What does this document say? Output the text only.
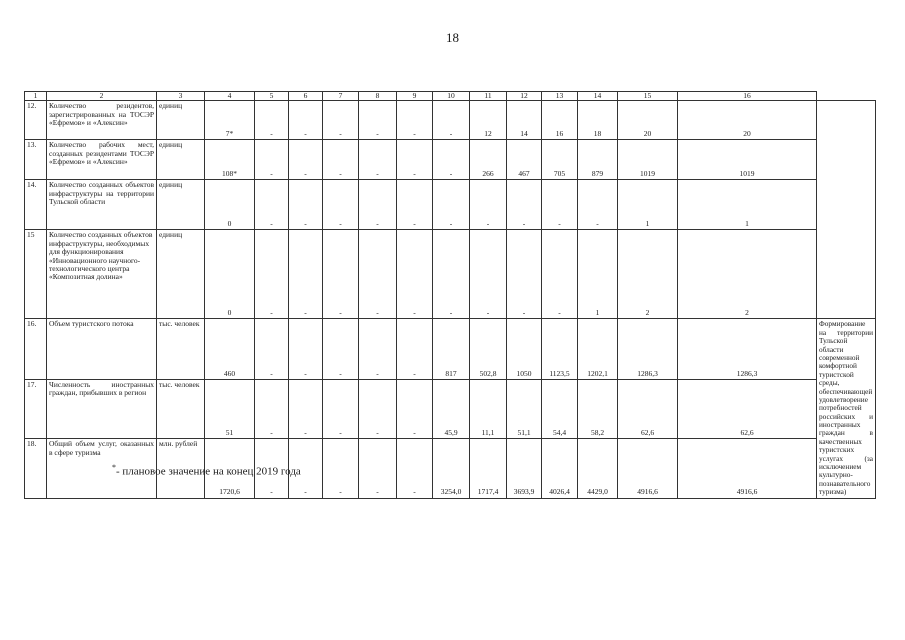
18
1	2	3	4	5	6	7	8	9	10	11	12	13	14	15	16	
12.	Количество резидентов, зарегистрированных на ТОСЭР «Ефремов» и «Алексин»	единиц	7*	-	-	-	-	-	-	12	14	16	18	20	20	
13.	Количество рабочих мест, созданных резидентами ТОСЭР «Ефремов» и «Алексин»	единиц	108*	-	-	-	-	-	-	266	467	705	879	1019	1019	
14.	Количество созданных объектов инфраструктуры на территории Тульской области	единиц	0	-	-	-	-	-	-	-	-	-	-	1	1	
15	Количество созданных объектов инфраструктуры, необходимых для функционирования «Инновационного научного-технологического центра «Композитная долина»	единиц	0	-	-	-	-	-	-	-	-	-	1	2	2	
16.	Объем туристского потока	тыс. человек	460	-	-	-	-	-	817	502,8	1050	1123,5	1202,1	1286,3	1286,3	Формирование на территории Тульской области современной комфортной туристской среды, обеспечивающей удовлетворение потребностей российских и иностранных граждан в качественных туристских услугах (за исключением культурно-познавательного туризма)
17.	Численность иностранных граждан, прибывших в регион	тыс. человек	51	-	-	-	-	-	45,9	11,1	51,1	54,4	58,2	62,6	62,6	
18.	Общий объем услуг, оказанных в сфере туризма	млн. рублей	1720,6	-	-	-	-	-	3254,0	1717,4	3693,9	4026,4	4429,0	4916,6	4916,6	
*- плановое значение на конец 2019 года
